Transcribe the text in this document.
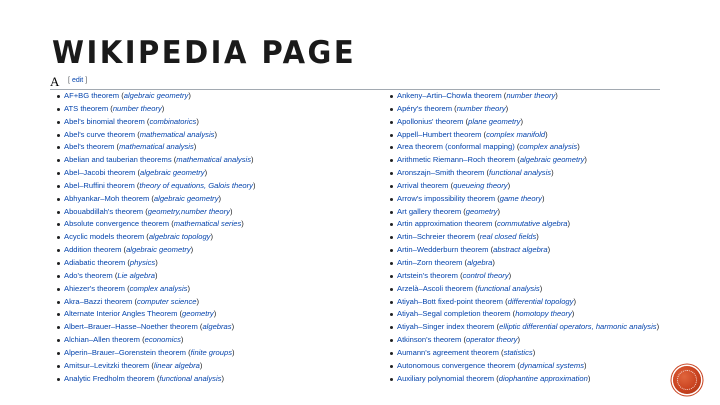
WIKIPEDIA PAGE
A [ edit ]
AF+BG theorem (algebraic geometry)
ATS theorem (number theory)
Abel's binomial theorem (combinatorics)
Abel's curve theorem (mathematical analysis)
Abel's theorem (mathematical analysis)
Abelian and tauberian theorems (mathematical analysis)
Abel–Jacobi theorem (algebraic geometry)
Abel–Ruffini theorem (theory of equations, Galois theory)
Abhyankar–Moh theorem (algebraic geometry)
Abouabdillah's theorem (geometry,number theory)
Absolute convergence theorem (mathematical series)
Acyclic models theorem (algebraic topology)
Addition theorem (algebraic geometry)
Adiabatic theorem (physics)
Ado's theorem (Lie algebra)
Ahiezer's theorem (complex analysis)
Akra–Bazzi theorem (computer science)
Alternate Interior Angles Theorem (geometry)
Albert–Brauer–Hasse–Noether theorem (algebras)
Alchian–Allen theorem (economics)
Alperin–Brauer–Gorenstein theorem (finite groups)
Amitsur–Levitzki theorem (linear algebra)
Analytic Fredholm theorem (functional analysis)
Ankeny–Artin–Chowla theorem (number theory)
Apéry's theorem (number theory)
Apollonius' theorem (plane geometry)
Appell–Humbert theorem (complex manifold)
Area theorem (conformal mapping) (complex analysis)
Arithmetic Riemann–Roch theorem (algebraic geometry)
Aronszajn–Smith theorem (functional analysis)
Arrival theorem (queueing theory)
Arrow's impossibility theorem (game theory)
Art gallery theorem (geometry)
Artin approximation theorem (commutative algebra)
Artin–Schreier theorem (real closed fields)
Artin–Wedderburn theorem (abstract algebra)
Artin–Zorn theorem (algebra)
Artstein's theorem (control theory)
Arzelà–Ascoli theorem (functional analysis)
Atiyah–Bott fixed-point theorem (differential topology)
Atiyah–Segal completion theorem (homotopy theory)
Atiyah–Singer index theorem (elliptic differential operators, harmonic analysis)
Atkinson's theorem (operator theory)
Aumann's agreement theorem (statistics)
Autonomous convergence theorem (dynamical systems)
Auxiliary polynomial theorem (diophantine approximation)
